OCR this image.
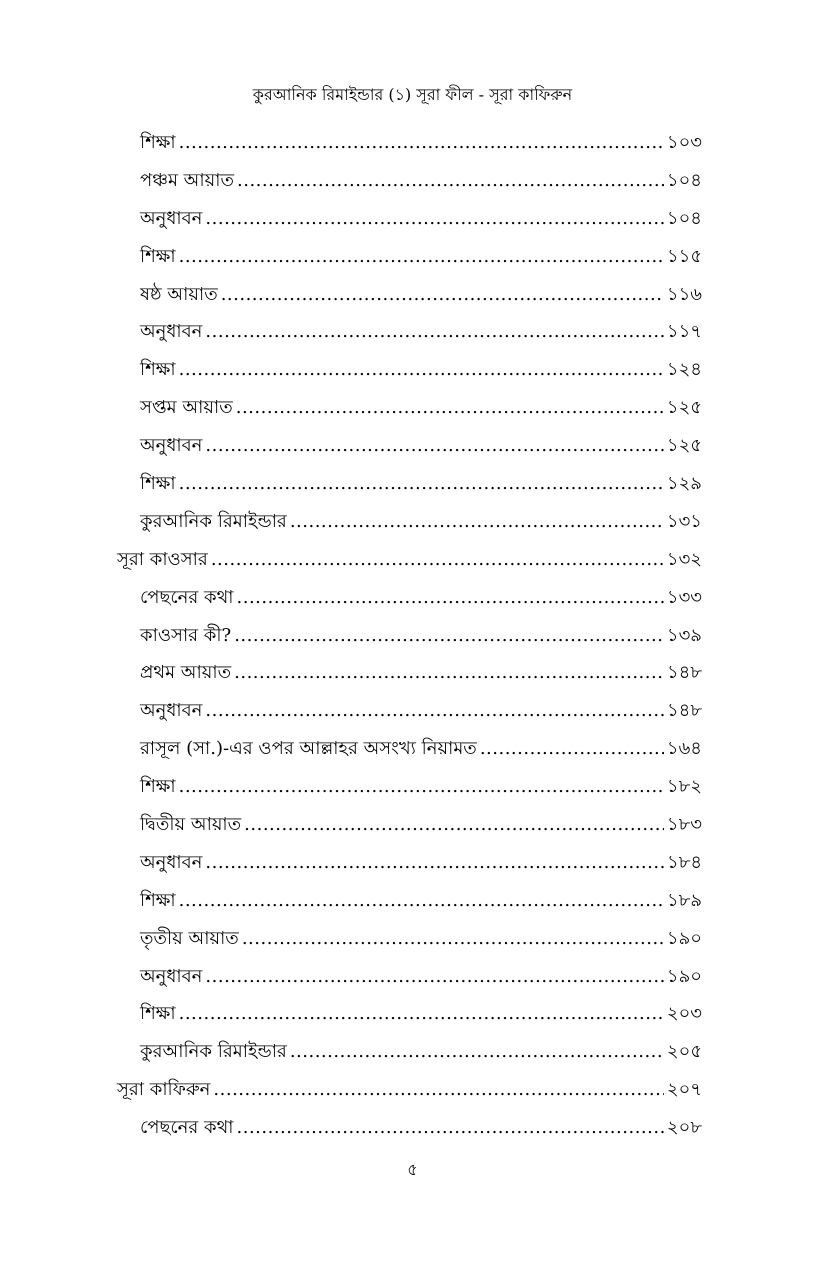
কুরআনিক রিমাইন্ডার (১) সূরা ফীল - সূরা কাফিরুন
শিক্ষা .....	১০৩
পঞ্চম আয়াত .....	১০৪
অনুধাবন .....	১০৪
শিক্ষা .....	১১৫
ষষ্ঠ আয়াত .....	১১৬
অনুধাবন .....	১১৭
শিক্ষা .....	১২৪
সপ্তম আয়াত .....	১২৫
অনুধাবন .....	১২৫
শিক্ষা .....	১২৯
কুরআনিক রিমাইন্ডার .....	১৩১
সূরা কাওসার .....	১৩২
পেছনের কথা .....	১৩৩
কাওসার কী? .....	১৩৯
প্রথম আয়াত .....	১৪৮
অনুধাবন .....	১৪৮
রাসূল (সা.)-এর ওপর আল্লাহর অসংখ্য নিয়ামত .....	১৬৪
শিক্ষা .....	১৮২
দ্বিতীয় আয়াত .....	১৮৩
অনুধাবন .....	১৮৪
শিক্ষা .....	১৮৯
তৃতীয় আয়াত .....	১৯০
অনুধাবন .....	১৯০
শিক্ষা .....	২০৩
কুরআনিক রিমাইন্ডার .....	২০৫
সূরা কাফিরুন .....	২০৭
পেছনের কথা .....	২০৮
৫
